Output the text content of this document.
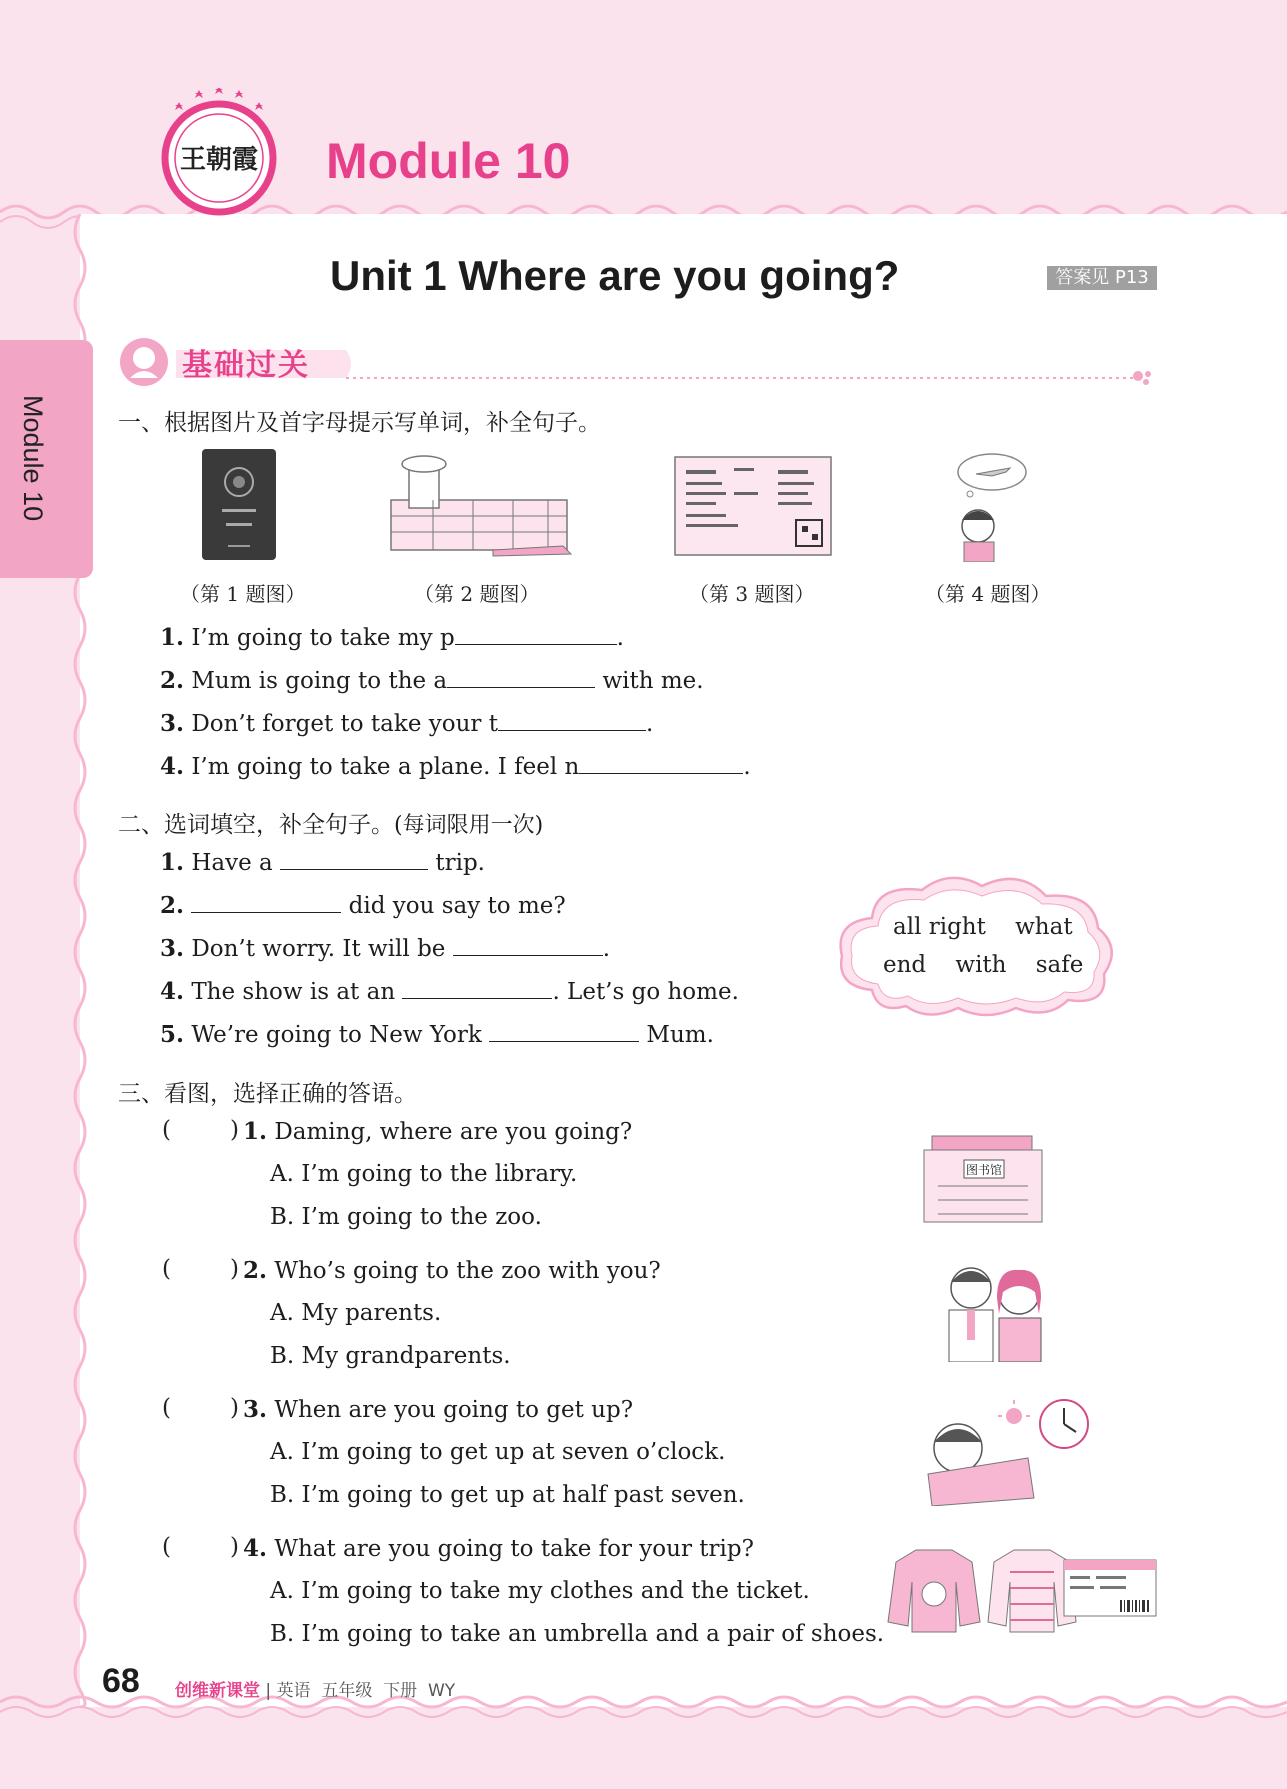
王朝霞 Module 10
Module 10
Unit 1 Where are you going?	答案见 P13
基础过关
一、根据图片及首字母提示写单词，补全句子。
（第 1 题图）	（第 2 题图）	（第 3 题图）	（第 4 题图）
1. I’m going to take my p	.
2. Mum is going to the a	with me.
3. Don’t forget to take your t	.
4. I’m going to take a plane. I feel n	.
二、选词填空，补全句子。(每词限用一次)
1. Have a	trip.
2.	did you say to me?
3. Don’t worry. It will be	.
4. The show is at an	. Let’s go home.
5. We’re going to New York	Mum.
all right    what
end    with    safe
三、看图，选择正确的答语。
(	) 1. Daming, where are you going?
A. I’m going to the library.
B. I’m going to the zoo.
图书馆
(	) 2. Who’s going to the zoo with you?
A. My parents.
B. My grandparents.
(	) 3. When are you going to get up?
A. I’m going to get up at seven o’clock.
B. I’m going to get up at half past seven.
(	) 4. What are you going to take for your trip?
A. I’m going to take my clothes and the ticket.
B. I’m going to take an umbrella and a pair of shoes.
68 创维新课堂 | 英语  五年级  下册  WY
